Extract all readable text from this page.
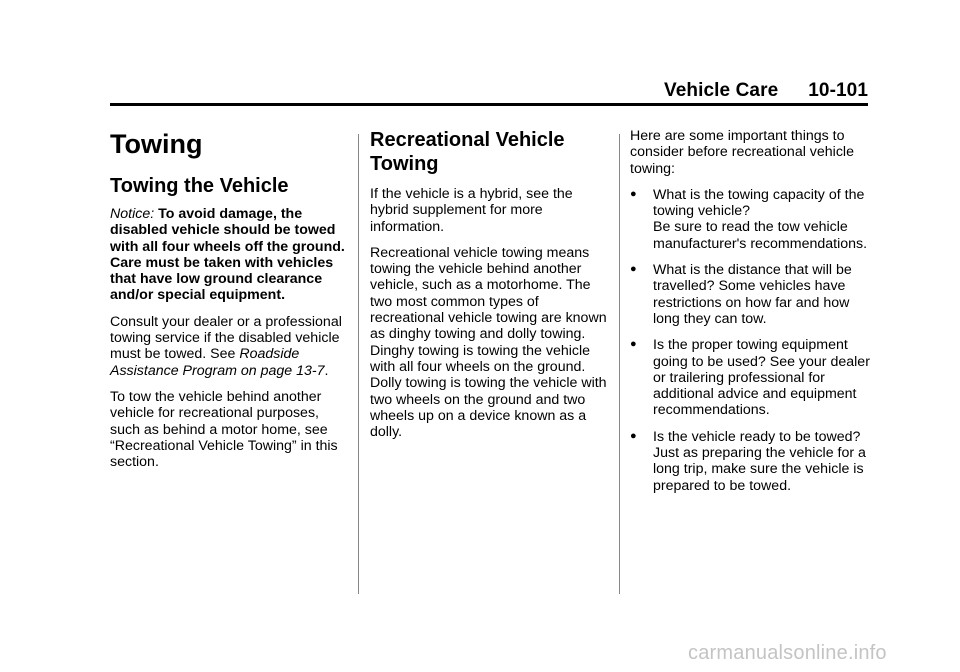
Vehicle Care 10-101
Towing
Towing the Vehicle

Notice: To avoid damage, the disabled vehicle should be towed with all four wheels off the ground. Care must be taken with vehicles that have low ground clearance and/or special equipment.

Consult your dealer or a professional towing service if the disabled vehicle must be towed. See Roadside Assistance Program on page 13-7.

To tow the vehicle behind another vehicle for recreational purposes, such as behind a motor home, see “Recreational Vehicle Towing” in this section.

Recreational Vehicle Towing

If the vehicle is a hybrid, see the hybrid supplement for more information.

Recreational vehicle towing means towing the vehicle behind another vehicle, such as a motorhome. The two most common types of recreational vehicle towing are known as dinghy towing and dolly towing. Dinghy towing is towing the vehicle with all four wheels on the ground. Dolly towing is towing the vehicle with two wheels on the ground and two wheels up on a device known as a dolly.

Here are some important things to consider before recreational vehicle towing:

● What is the towing capacity of the towing vehicle?
Be sure to read the tow vehicle manufacturer's recommendations.
● What is the distance that will be travelled? Some vehicles have restrictions on how far and how long they can tow.
● Is the proper towing equipment going to be used? See your dealer or trailering professional for additional advice and equipment recommendations.
● Is the vehicle ready to be towed? Just as preparing the vehicle for a long trip, make sure the vehicle is prepared to be towed.
carmanualsonline.info
